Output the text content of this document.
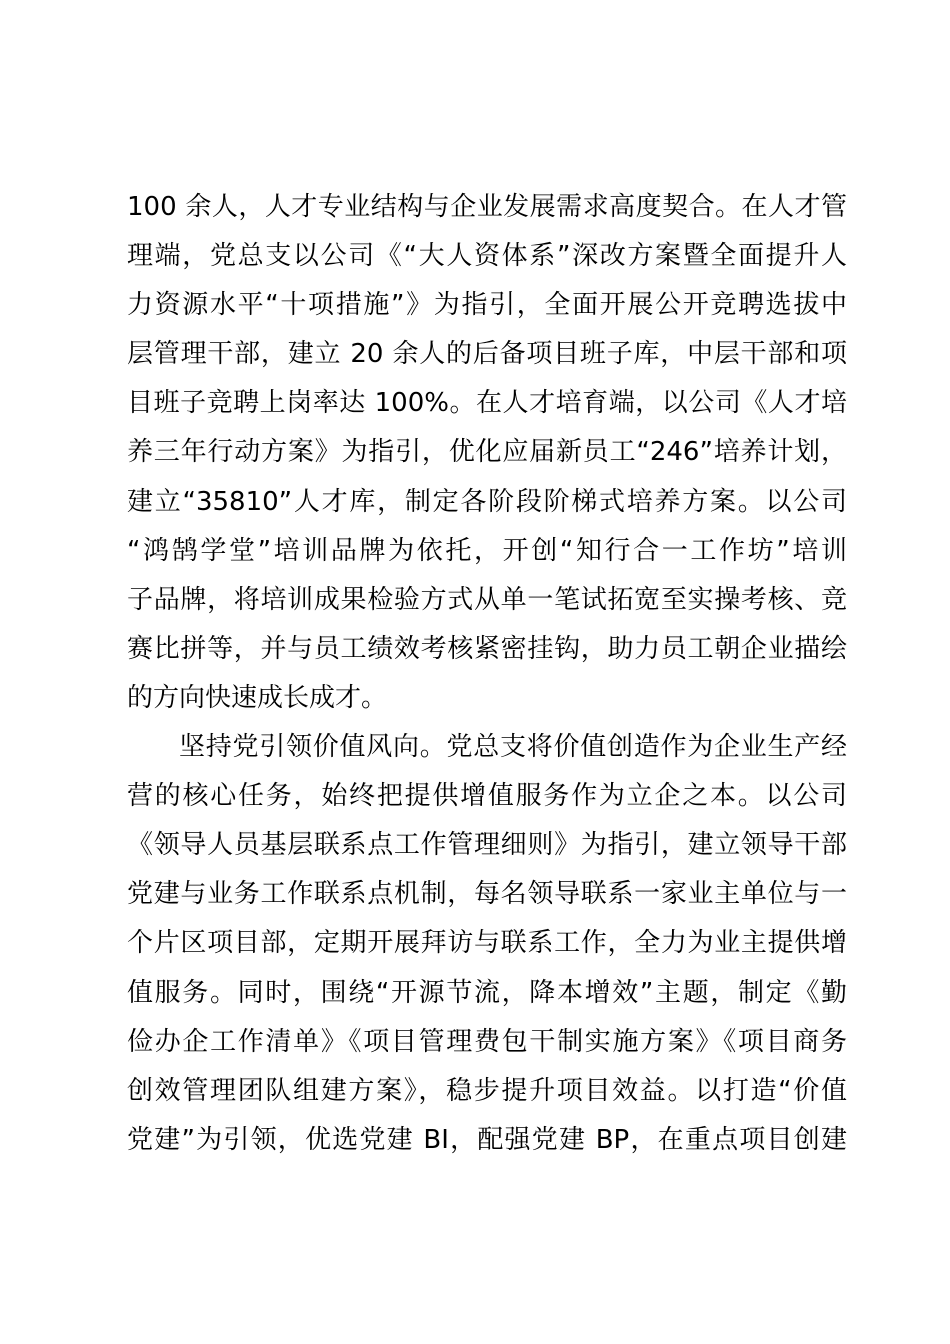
100 余人，人才专业结构与企业发展需求高度契合。在人才管
理端，党总支以公司《“大人资体系”深改方案暨全面提升人
力资源水平“十项措施”》为指引，全面开展公开竞聘选拔中
层管理干部，建立 20 余人的后备项目班子库，中层干部和项
目班子竞聘上岗率达 100%。在人才培育端，以公司《人才培
养三年行动方案》为指引，优化应届新员工“246”培养计划，
建立“35810”人才库，制定各阶段阶梯式培养方案。以公司
“鸿鹄学堂”培训品牌为依托，开创“知行合一工作坊”培训
子品牌，将培训成果检验方式从单一笔试拓宽至实操考核、竞
赛比拼等，并与员工绩效考核紧密挂钩，助力员工朝企业描绘
的方向快速成长成才。
坚持党引领价值风向。党总支将价值创造作为企业生产经
营的核心任务，始终把提供增值服务作为立企之本。以公司
《领导人员基层联系点工作管理细则》为指引，建立领导干部
党建与业务工作联系点机制，每名领导联系一家业主单位与一
个片区项目部，定期开展拜访与联系工作，全力为业主提供增
值服务。同时，围绕“开源节流，降本增效”主题，制定《勤
俭办企工作清单》《项目管理费包干制实施方案》《项目商务
创效管理团队组建方案》，稳步提升项目效益。以打造“价值
党建”为引领，优选党建 BI，配强党建 BP，在重点项目创建
